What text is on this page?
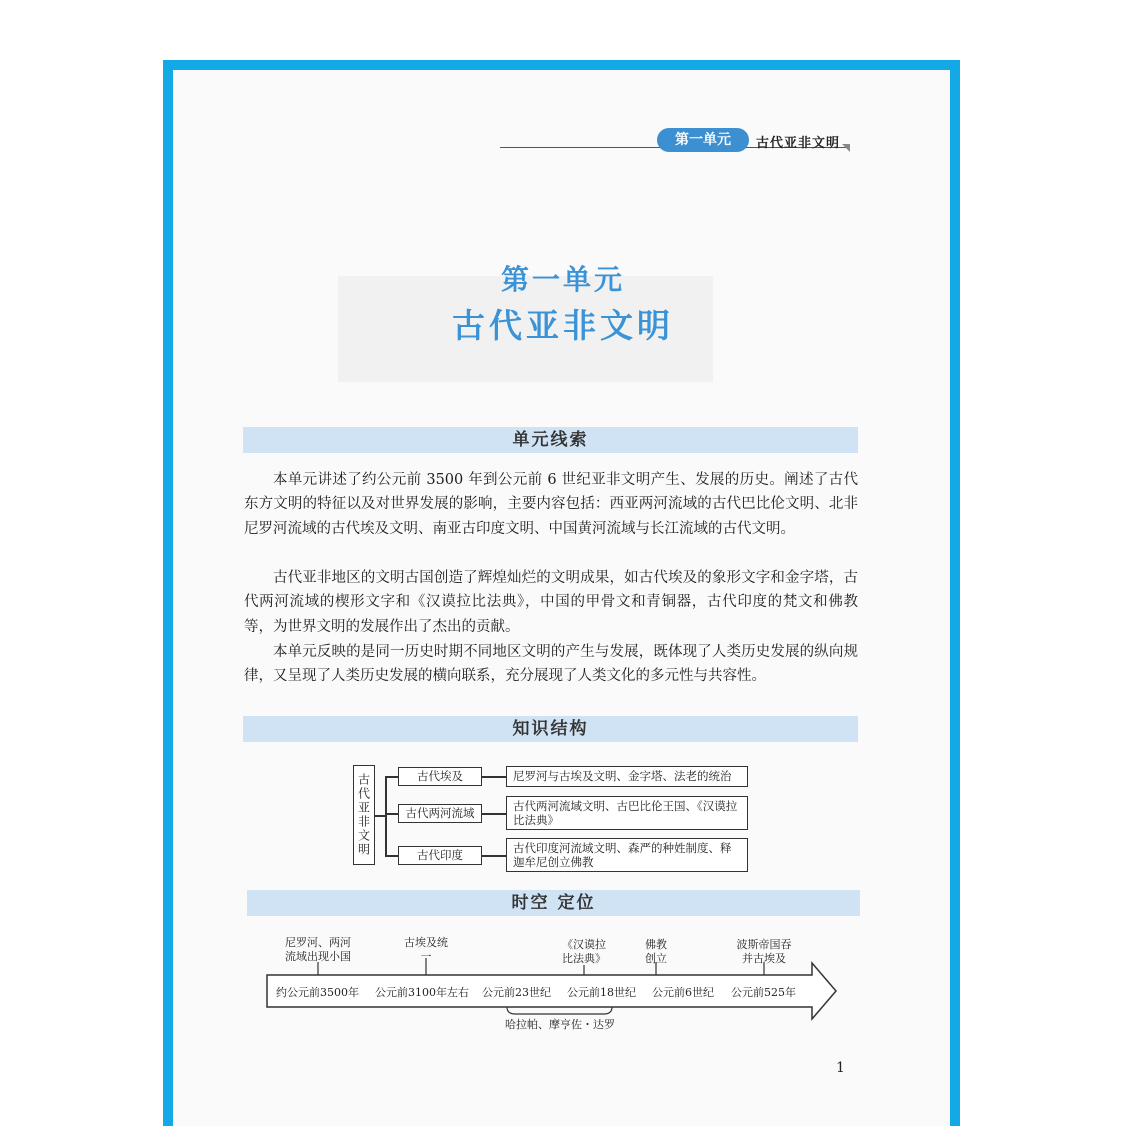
第一单元	古代亚非文明
第一单元
古代亚非文明
单元线索
本单元讲述了约公元前 3500 年到公元前 6 世纪亚非文明产生、发展的历史。阐述了古代东方文明的特征以及对世界发展的影响，主要内容包括：西亚两河流域的古代巴比伦文明、北非尼罗河流域的古代埃及文明、南亚古印度文明、中国黄河流域与长江流域的古代文明。
古代亚非地区的文明古国创造了辉煌灿烂的文明成果，如古代埃及的象形文字和金字塔，古代两河流域的楔形文字和《汉谟拉比法典》，中国的甲骨文和青铜器，古代印度的梵文和佛教等，为世界文明的发展作出了杰出的贡献。
本单元反映的是同一历史时期不同地区文明的产生与发展，既体现了人类历史发展的纵向规律，又呈现了人类历史发展的横向联系，充分展现了人类文化的多元性与共容性。
知识结构
古代亚非文明	古代埃及
古代两河流域
古代印度
尼罗河与古埃及文明、金字塔、法老的统治
古代两河流域文明、古巴比伦王国、《汉谟拉比法典》
古代印度河流域文明、森严的种姓制度、释迦牟尼创立佛教
时空 定位
尼罗河、两河流域出现小国
古埃及统一
《汉谟拉比法典》
佛教创立
波斯帝国吞并古埃及
约公元前3500年 公元前3100年左右 公元前23世纪 公元前18世纪 公元前6世纪 公元前525年
哈拉帕、摩亨佐・达罗
1
